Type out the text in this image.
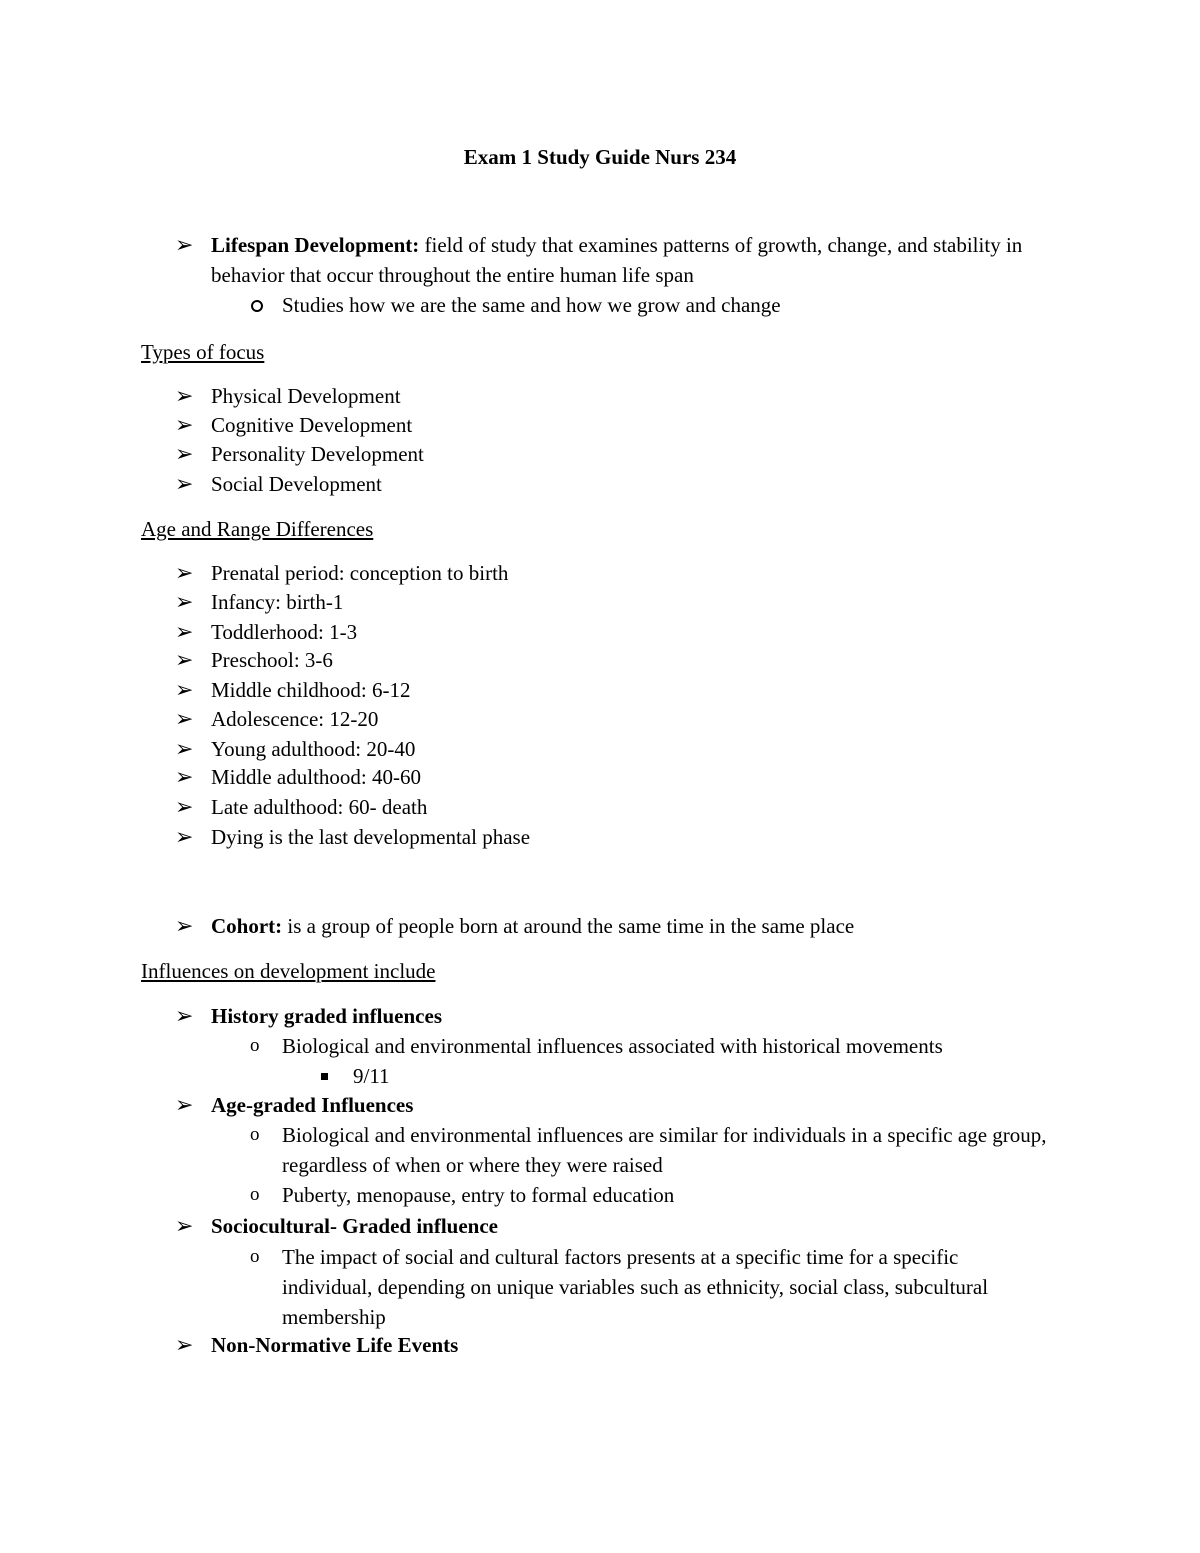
Exam 1 Study Guide Nurs 234
➢ Lifespan Development: field of study that examines patterns of growth, change, and stability in behavior that occur throughout the entire human life span
Studies how we are the same and how we grow and change
Types of focus
➢ Physical Development
➢ Cognitive Development
➢ Personality Development
➢ Social Development
Age and Range Differences
➢ Prenatal period: conception to birth
➢ Infancy: birth-1
➢ Toddlerhood: 1-3
➢ Preschool: 3-6
➢ Middle childhood: 6-12
➢ Adolescence: 12-20
➢ Young adulthood: 20-40
➢ Middle adulthood: 40-60
➢ Late adulthood: 60- death
➢ Dying is the last developmental phase
➢ Cohort: is a group of people born at around the same time in the same place
Influences on development include
➢ History graded influences
o Biological and environmental influences associated with historical movements
9/11
➢ Age-graded Influences
o Biological and environmental influences are similar for individuals in a specific age group, regardless of when or where they were raised
o Puberty, menopause, entry to formal education
➢ Sociocultural- Graded influence
o The impact of social and cultural factors presents at a specific time for a specific individual, depending on unique variables such as ethnicity, social class, subcultural membership
➢ Non-Normative Life Events
